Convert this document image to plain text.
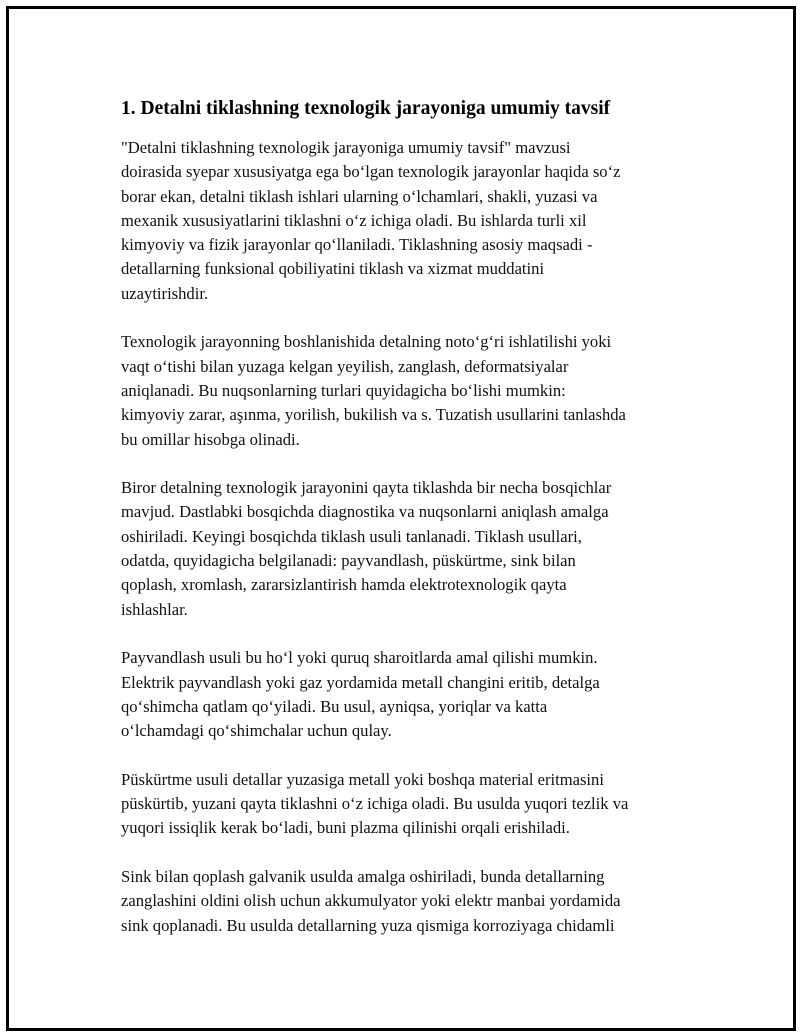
1. Detalni tiklashning texnologik jarayoniga umumiy tavsif

"Detalni tiklashning texnologik jarayoniga umumiy tavsif" mavzusi
doirasida syepar xususiyatga ega bo‘lgan texnologik jarayonlar haqida so‘z
borar ekan, detalni tiklash ishlari ularning o‘lchamlari, shakli, yuzasi va
mexanik xususiyatlarini tiklashni o‘z ichiga oladi. Bu ishlarda turli xil
kimyoviy va fizik jarayonlar qo‘llaniladi. Tiklashning asosiy maqsadi -
detallarning funksional qobiliyatini tiklash va xizmat muddatini
uzaytirishdir.

Texnologik jarayonning boshlanishida detalning noto‘g‘ri ishlatilishi yoki
vaqt o‘tishi bilan yuzaga kelgan yeyilish, zanglash, deformatsiyalar
aniqlanadi. Bu nuqsonlarning turlari quyidagicha bo‘lishi mumkin:
kimyoviy zarar, aşınma, yorilish, bukilish va s. Tuzatish usullarini tanlashda
bu omillar hisobga olinadi.

Biror detalning texnologik jarayonini qayta tiklashda bir necha bosqichlar
mavjud. Dastlabki bosqichda diagnostika va nuqsonlarni aniqlash amalga
oshiriladi. Keyingi bosqichda tiklash usuli tanlanadi. Tiklash usullari,
odatda, quyidagicha belgilanadi: payvandlash, püskürtme, sink bilan
qoplash, xromlash, zararsizlantirish hamda elektrotexnologik qayta
ishlashlar.

Payvandlash usuli bu ho‘l yoki quruq sharoitlarda amal qilishi mumkin.
Elektrik payvandlash yoki gaz yordamida metall changini eritib, detalga
qo‘shimcha qatlam qo‘yiladi. Bu usul, ayniqsa, yoriqlar va katta
o‘lchamdagi qo‘shimchalar uchun qulay.

Püskürtme usuli detallar yuzasiga metall yoki boshqa material eritmasini
püskürtib, yuzani qayta tiklashni o‘z ichiga oladi. Bu usulda yuqori tezlik va
yuqori issiqlik kerak bo‘ladi, buni plazma qilinishi orqali erishiladi.

Sink bilan qoplash galvanik usulda amalga oshiriladi, bunda detallarning
zanglashini oldini olish uchun akkumulyator yoki elektr manbai yordamida
sink qoplanadi. Bu usulda detallarning yuza qismiga korroziyaga chidamli
